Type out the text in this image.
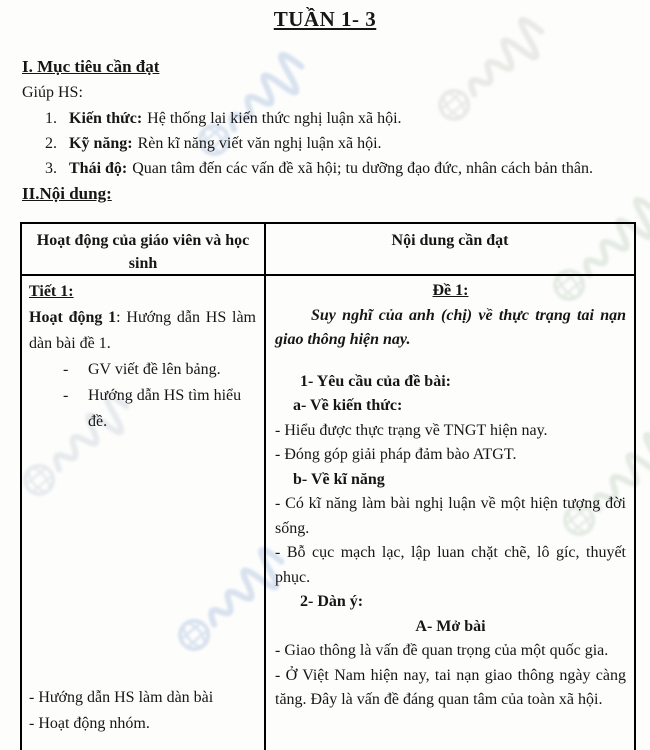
TUẦN 1- 3
I. Mục tiêu cần đạt
Giúp HS:
1. Kiến thức: Hệ thống lại kiến thức nghị luận xã hội.
2. Kỹ năng: Rèn kĩ năng viết văn nghị luận xã hội.
3. Thái độ: Quan tâm đến các vấn đề xã hội; tu dưỡng đạo đức, nhân cách bản thân.
II.Nội dung:
Hoạt động của giáo viên và học sinh
Nội dung cần đạt

Tiết 1:

Hoạt động 1: Hướng dẫn HS làm dàn bài đề 1.

-	GV viết đề lên bảng.
-	Hướng dẫn HS tìm hiểu đề.

- Hướng dẫn HS làm dàn bài

- Hoạt động nhóm.

Đề 1:

Suy nghĩ của anh (chị) về thực trạng tai nạn giao thông hiện nay.

1- Yêu cầu của đề bài:

a- Về kiến thức:

- Hiểu được thực trạng về TNGT hiện nay.

- Đóng góp giải pháp đảm bào ATGT.

b- Về kĩ năng

- Có kĩ năng làm bài nghị luận về một hiện tượng đời sống.

- Bỗ cục mạch lạc, lập luan chặt chẽ, lô gíc, thuyết phục.

2- Dàn ý:

A- Mở bài

- Giao thông là vấn đề quan trọng của một quốc gia.

- Ở Việt Nam hiện nay, tai nạn giao thông ngày càng tăng. Đây là vấn đề đáng quan tâm của toàn xã hội.
